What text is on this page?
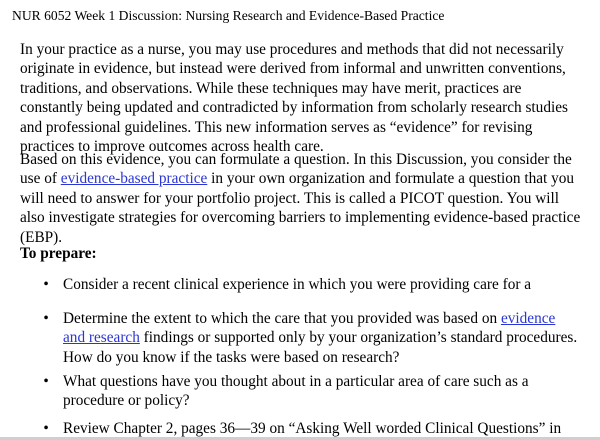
NUR 6052 Week 1 Discussion: Nursing Research and Evidence-Based Practice

In your practice as a nurse, you may use procedures and methods that did not necessarily
originate in evidence, but instead were derived from informal and unwritten conventions,
traditions, and observations. While these techniques may have merit, practices are
constantly being updated and contradicted by information from scholarly research studies
and professional guidelines. This new information serves as “evidence” for revising
practices to improve outcomes across health care.

Based on this evidence, you can formulate a question. In this Discussion, you consider the
use of evidence-based practice in your own organization and formulate a question that you
will need to answer for your portfolio project. This is called a PICOT question. You will
also investigate strategies for overcoming barriers to implementing evidence-based practice
(EBP).

To prepare:
• Consider a recent clinical experience in which you were providing care for a
• Determine the extent to which the care that you provided was based on evidence
and research findings or supported only by your organization’s standard procedures.
How do you know if the tasks were based on research?
• What questions have you thought about in a particular area of care such as a
procedure or policy?
• Review Chapter 2, pages 36—39 on “Asking Well worded Clinical Questions” in
